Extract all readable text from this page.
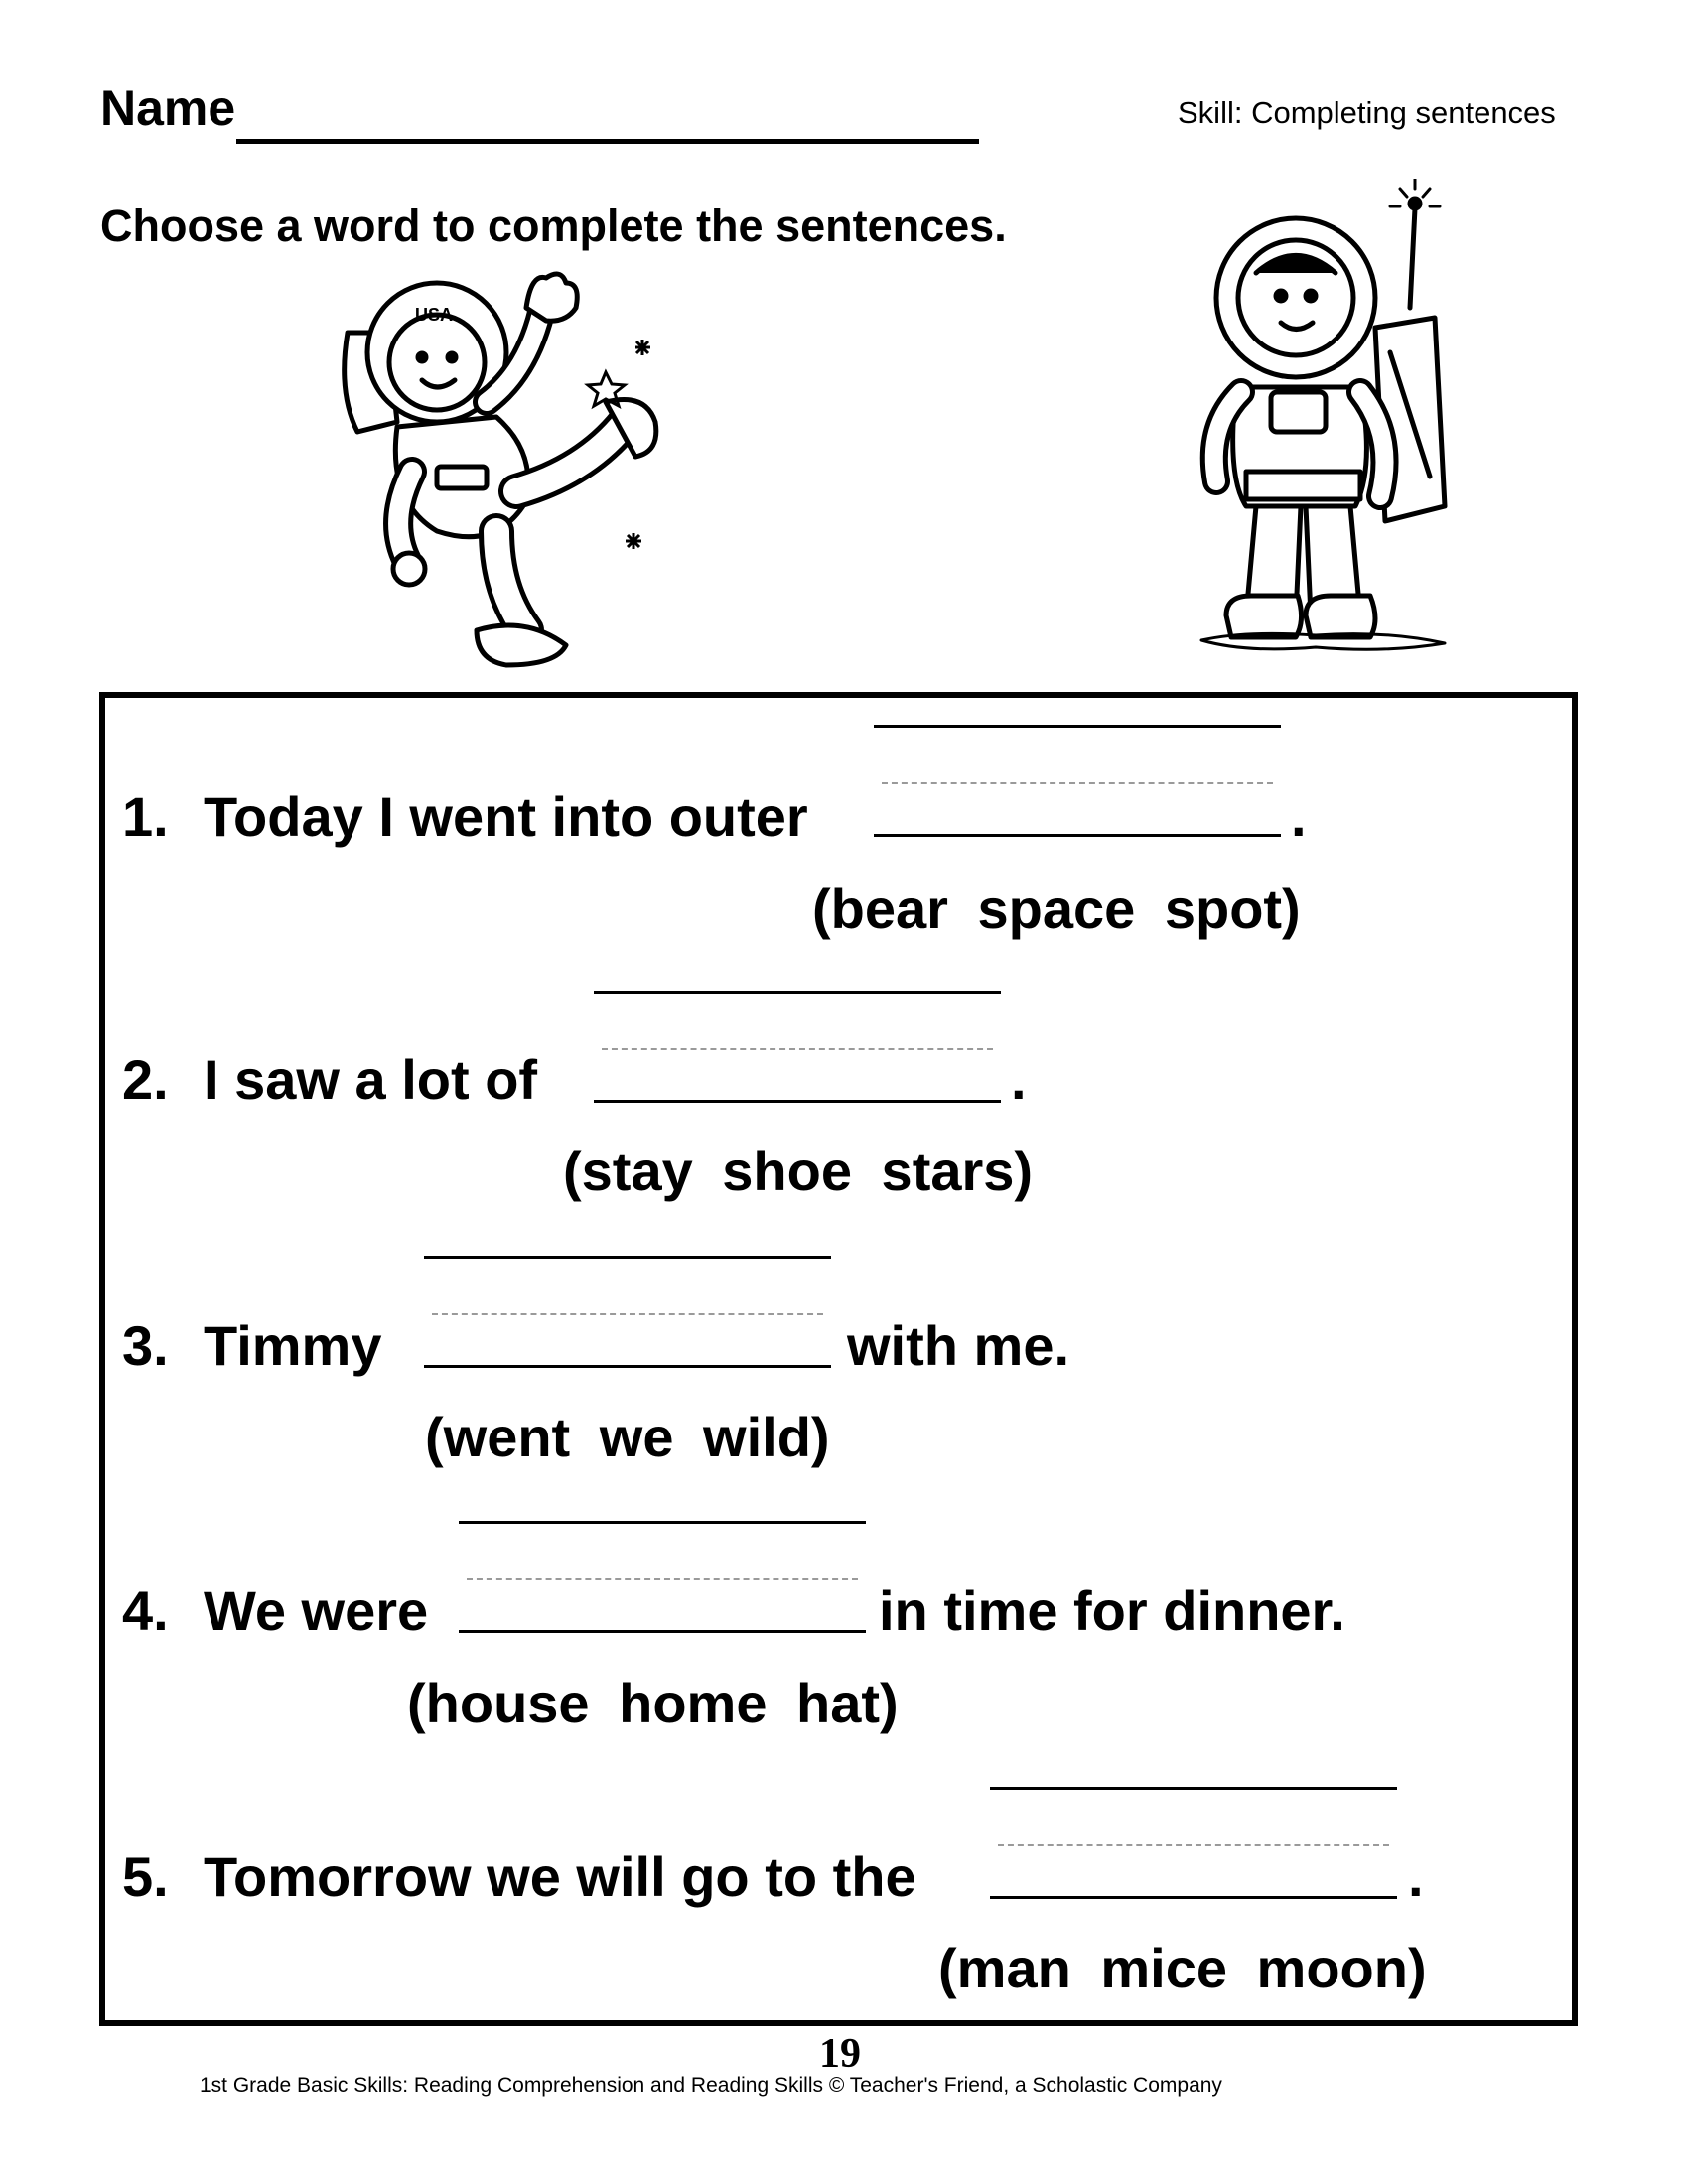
Name	Skill: Completing sentences
Choose a word to complete the sentences.
USA
1. Today I went into outer	.
(bear space spot)
2. I saw a lot of	.
(stay shoe stars)
3. Timmy	with me.
(went we wild)
4. We were	in time for dinner.
(house home hat)
5. Tomorrow we will go to the	.
(man mice moon)
19
1st Grade Basic Skills: Reading Comprehension and Reading Skills © Teacher's Friend, a Scholastic Company
